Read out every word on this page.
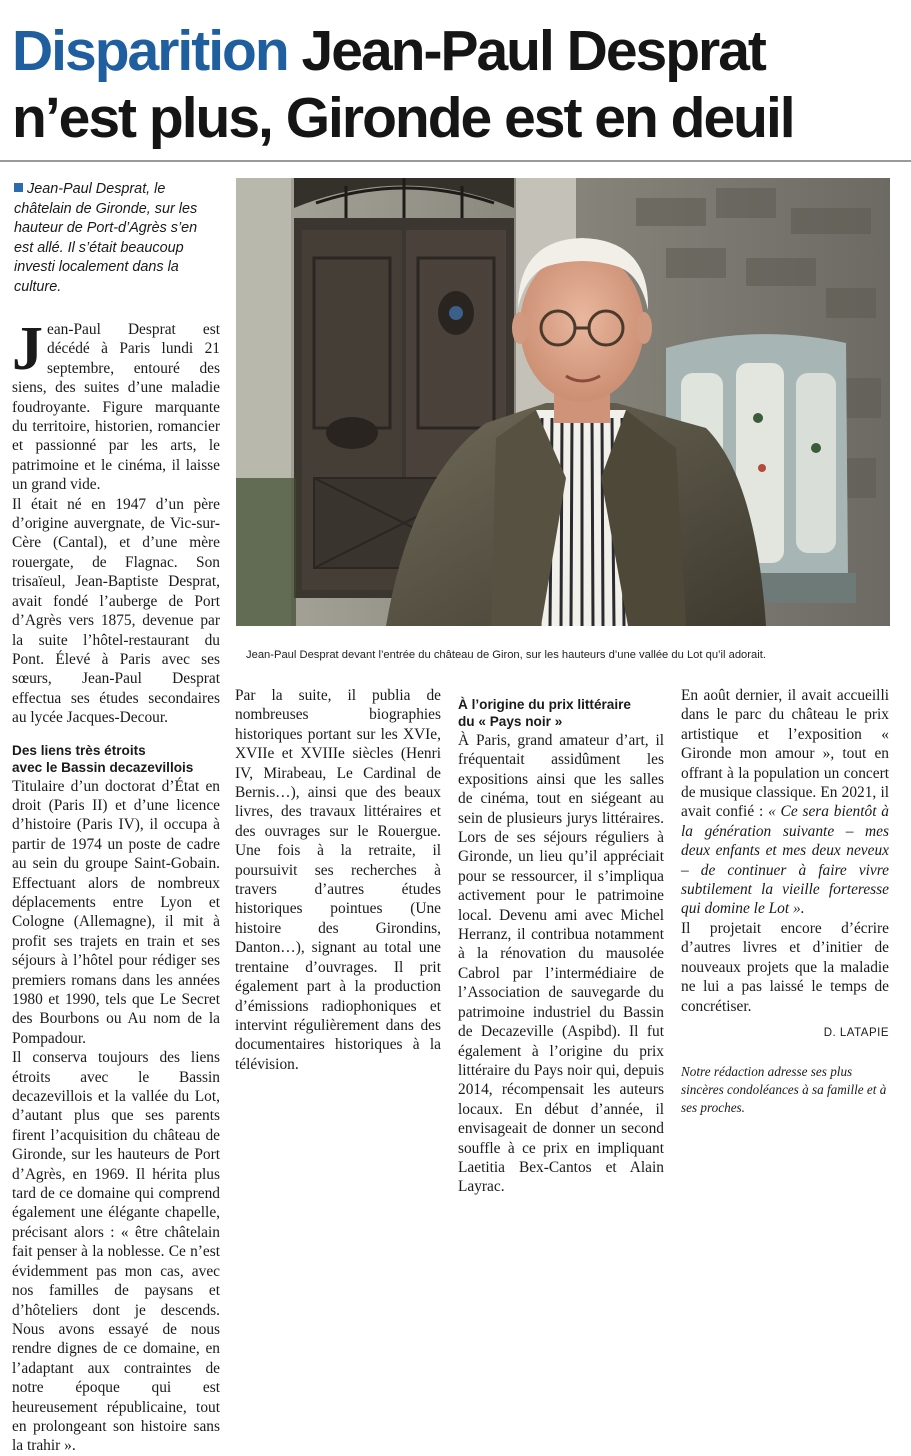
Disparition Jean-Paul Desprat
n’est plus, Gironde est en deuil
Jean-Paul Desprat, le châtelain de Gironde, sur les hauteur de Port-d’Agrès s’en est allé. Il s’était beaucoup investi localement dans la culture.
Jean-Paul Desprat devant l’entrée du château de Giron, sur les hauteurs d’une vallée du Lot qu’il adorait.

Jean-Paul Desprat est décédé à Paris lundi 21 septembre, entouré des siens, des suites d’une maladie foudroyante. Figure marquante du territoire, historien, romancier et passionné par les arts, le patrimoine et le cinéma, il laisse un grand vide.

Il était né en 1947 d’un père d’origine auvergnate, de Vic-sur-Cère (Cantal), et d’une mère rouergate, de Flagnac. Son trisaïeul, Jean-Baptiste Desprat, avait fondé l’auberge de Port d’Agrès vers 1875, devenue par la suite l’hôtel-restaurant du Pont. Élevé à Paris avec ses sœurs, Jean-Paul Desprat effectua ses études secondaires au lycée Jacques-Decour.

Des liens très étroits
avec le Bassin decazevillois

Titulaire d’un doctorat d’État en droit (Paris II) et d’une licence d’histoire (Paris IV), il occupa à partir de 1974 un poste de cadre au sein du groupe Saint-Gobain. Effectuant alors de nombreux déplacements entre Lyon et Cologne (Allemagne), il mit à profit ses trajets en train et ses séjours à l’hôtel pour rédiger ses premiers romans dans les années 1980 et 1990, tels que Le Secret des Bourbons ou Au nom de la Pompadour.

Il conserva toujours des liens étroits avec le Bassin decazevillois et la vallée du Lot, d’autant plus que ses parents firent l’acquisition du château de Gironde, sur les hauteurs de Port d’Agrès, en 1969. Il hérita plus tard de ce domaine qui comprend également une élégante chapelle, précisant alors : « être châtelain fait penser à la noblesse. Ce n’est évidemment pas mon cas, avec nos familles de paysans et d’hôteliers dont je descends. Nous avons essayé de nous rendre dignes de ce domaine, en l’adaptant aux contraintes de notre époque qui est heureusement républicaine, tout en prolongeant son histoire sans la trahir ».

Par la suite, il publia de nombreuses biographies historiques portant sur les XVIe, XVIIe et XVIIIe siècles (Henri IV, Mirabeau, Le Cardinal de Bernis…), ainsi que des beaux livres, des travaux littéraires et des ouvrages sur le Rouergue. Une fois à la retraite, il poursuivit ses recherches à travers d’autres études historiques pointues (Une histoire des Girondins, Danton…), signant au total une trentaine d’ouvrages. Il prit également part à la production d’émissions radiophoniques et intervint régulièrement dans des documentaires historiques à la télévision.

À l’origine du prix littéraire
du « Pays noir »

À Paris, grand amateur d’art, il fréquentait assidûment les expositions ainsi que les salles de cinéma, tout en siégeant au sein de plusieurs jurys littéraires. Lors de ses séjours réguliers à Gironde, un lieu qu’il appréciait pour se ressourcer, il s’impliqua activement pour le patrimoine local. Devenu ami avec Michel Herranz, il contribua notamment à la rénovation du mausolée Cabrol par l’intermédiaire de l’Association de sauvegarde du patrimoine industriel du Bassin de Decazeville (Aspibd). Il fut également à l’origine du prix littéraire du Pays noir qui, depuis 2014, récompensait les auteurs locaux. En début d’année, il envisageait de donner un second souffle à ce prix en impliquant Laetitia Bex-Cantos et Alain Layrac.

En août dernier, il avait accueilli dans le parc du château le prix artistique et l’exposition « Gironde mon amour », tout en offrant à la population un concert de musique classique. En 2021, il avait confié : « Ce sera bientôt à la génération suivante – mes deux enfants et mes deux neveux – de continuer à faire vivre subtilement la vieille forteresse qui domine le Lot ».

Il projetait encore d’écrire d’autres livres et d’initier de nouveaux projets que la maladie ne lui a pas laissé le temps de concrétiser.

D. LATAPIE
Notre rédaction adresse ses plus sincères condoléances à sa famille et à ses proches.
